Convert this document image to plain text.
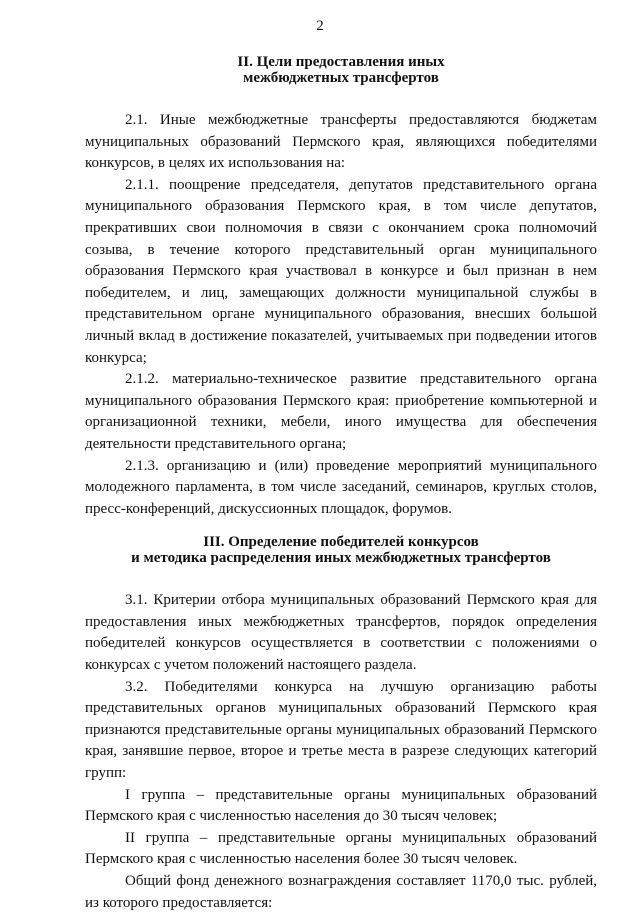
2
II. Цели предоставления иных
межбюджетных трансфертов

2.1. Иные межбюджетные трансферты предоставляются бюджетам муниципальных образований Пермского края, являющихся победителями конкурсов, в целях их использования на:

2.1.1. поощрение председателя, депутатов представительного органа муниципального образования Пермского края, в том числе депутатов, прекративших свои полномочия в связи с окончанием срока полномочий созыва, в течение которого представительный орган муниципального образования Пермского края участвовал в конкурсе и был признан в нем победителем, и лиц, замещающих должности муниципальной службы в представительном органе муниципального образования, внесших большой личный вклад в достижение показателей, учитываемых при подведении итогов конкурса;

2.1.2. материально-техническое развитие представительного органа муниципального образования Пермского края: приобретение компьютерной и организационной техники, мебели, иного имущества для обеспечения деятельности представительного органа;

2.1.3. организацию и (или) проведение мероприятий муниципального молодежного парламента, в том числе заседаний, семинаров, круглых столов, пресс-конференций, дискуссионных площадок, форумов.

III. Определение победителей конкурсов
и методика распределения иных межбюджетных трансфертов

3.1. Критерии отбора муниципальных образований Пермского края для предоставления иных межбюджетных трансфертов, порядок определения победителей конкурсов осуществляется в соответствии с положениями о конкурсах с учетом положений настоящего раздела.

3.2. Победителями конкурса на лучшую организацию работы представительных органов муниципальных образований Пермского края признаются представительные органы муниципальных образований Пермского края, занявшие первое, второе и третье места в разрезе следующих категорий групп:

I группа – представительные органы муниципальных образований Пермского края с численностью населения до 30 тысяч человек;

II группа – представительные органы муниципальных образований Пермского края с численностью населения более 30 тысяч человек.

Общий фонд денежного вознаграждения составляет 1170,0 тыс. рублей, из которого предоставляется:
